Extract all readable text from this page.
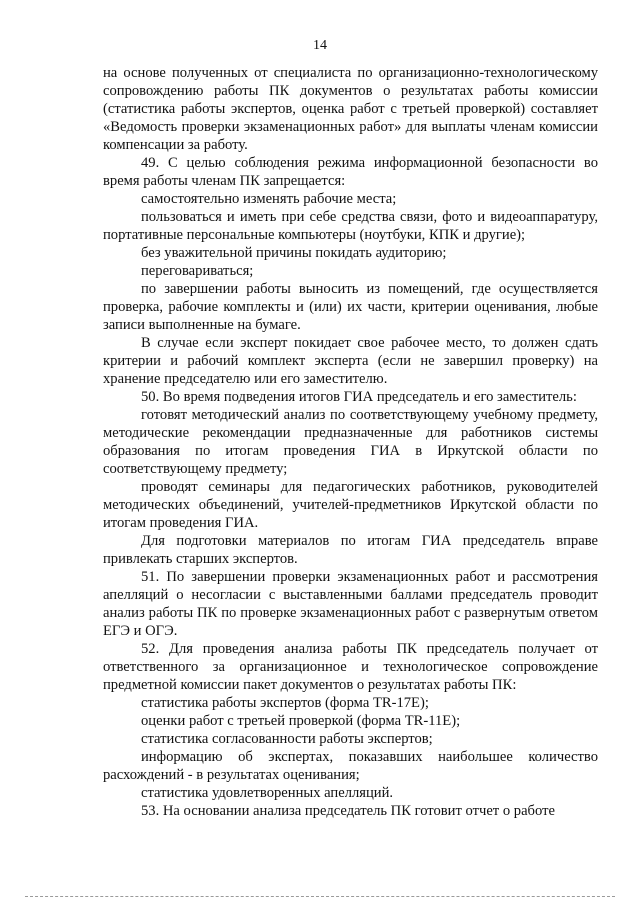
14

на основе полученных от специалиста по организационно-технологическому сопровождению работы ПК документов о результатах работы комиссии (статистика работы экспертов, оценка работ с третьей проверкой) составляет «Ведомость проверки экзаменационных работ» для выплаты членам комиссии компенсации за работу.

49. С целью соблюдения режима информационной безопасности во время работы членам ПК запрещается:

самостоятельно изменять рабочие места;

пользоваться и иметь при себе средства связи, фото и видеоаппаратуру, портативные персональные компьютеры (ноутбуки, КПК и другие);

без уважительной причины покидать аудиторию;

переговариваться;

по завершении работы выносить из помещений, где осуществляется проверка, рабочие комплекты и (или) их части, критерии оценивания, любые записи выполненные на бумаге.

В случае если эксперт покидает свое рабочее место, то должен сдать критерии и рабочий комплект эксперта (если не завершил проверку) на хранение председателю или его заместителю.

50. Во время подведения итогов ГИА председатель и его заместитель:

готовят методический анализ по соответствующему учебному предмету, методические рекомендации предназначенные для работников системы образования по итогам проведения ГИА в Иркутской области по соответствующему предмету;

проводят семинары для педагогических работников, руководителей методических объединений, учителей-предметников Иркутской области по итогам проведения ГИА.

Для подготовки материалов по итогам ГИА председатель вправе привлекать старших экспертов.

51. По завершении проверки экзаменационных работ и рассмотрения апелляций о несогласии с выставленными баллами председатель проводит анализ работы ПК по проверке экзаменационных работ с развернутым ответом ЕГЭ и ОГЭ.

52. Для проведения анализа работы ПК председатель получает от ответственного за организационное и технологическое сопровождение предметной комиссии пакет документов о результатах работы ПК:

статистика работы экспертов (форма TR-17E);

оценки работ с третьей проверкой (форма TR-11E);

статистика согласованности работы экспертов;

информацию об экспертах, показавших наибольшее количество расхождений - в результатах оценивания;

статистика удовлетворенных апелляций.

53. На основании анализа председатель ПК готовит отчет о работе
